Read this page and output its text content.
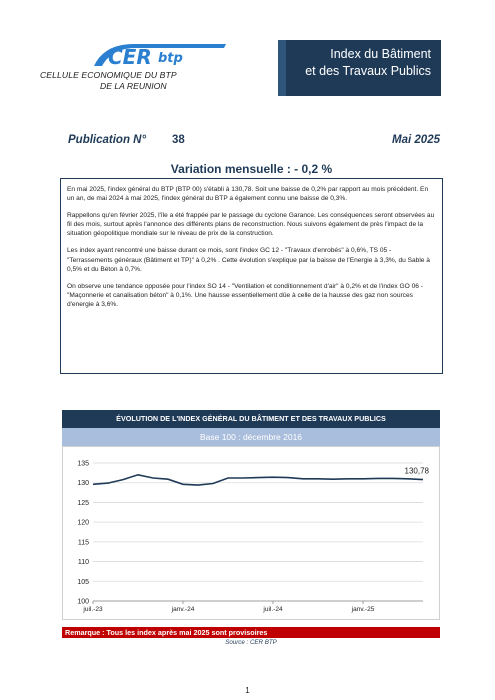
CER btp
CELLULE ECONOMIQUE DU BTP
DE LA REUNION
Index du Bâtiment
et des Travaux Publics
Publication N° 38	Mai 2025
Variation mensuelle : - 0,2 %

En mai 2025, l'index général du BTP (BTP 00) s'établi à 130,78. Soit une baisse de 0,2% par rapport au mois précédent. En un an, de mai 2024 à mai 2025, l'index général du BTP a également connu une baisse de 0,3%.

Rappellons qu'en février 2025, l'île a été frappée par le passage du cyclone Garance. Les conséquences seront observées au fil des mois, surtout après l'annonce des différents plans de reconstruction. Nous suivons également de près l'impact de la situation géopolitique mondiale sur le niveau de prix de la construction.

Les index ayant rencontré une baisse durant ce mois, sont l'index GC 12 - "Travaux d'enrobés" à 0,6%, TS 05 - "Terrassements généraux (Bâtiment et TP)" à 0,2% . Cette évolution s'explique par la baisse de l'Energie à 3,3%, du Sable à 0,5% et du Béton à 0,7%.

On observe une tendance opposée pour l'index SO 14 - "Ventilation et conditionnement d'air" à 0,2% et de l'index GO 06 - "Maçonnerie et canalisation béton" à 0,1%. Une hausse essentiellement dûe à celle de la hausse des gaz non sources d'energie à 3,6%.

ÉVOLUTION DE L'INDEX GÉNÉRAL DU BÂTIMENT ET DES TRAVAUX PUBLICS
Base 100 : décembre 2016
100
105
110
115
120
125
130
135
juil.-23	janv.-24	juil.-24	janv.-25
130,78
Remarque : Tous les index après mai 2025 sont provisoires
Source : CER BTP
1
